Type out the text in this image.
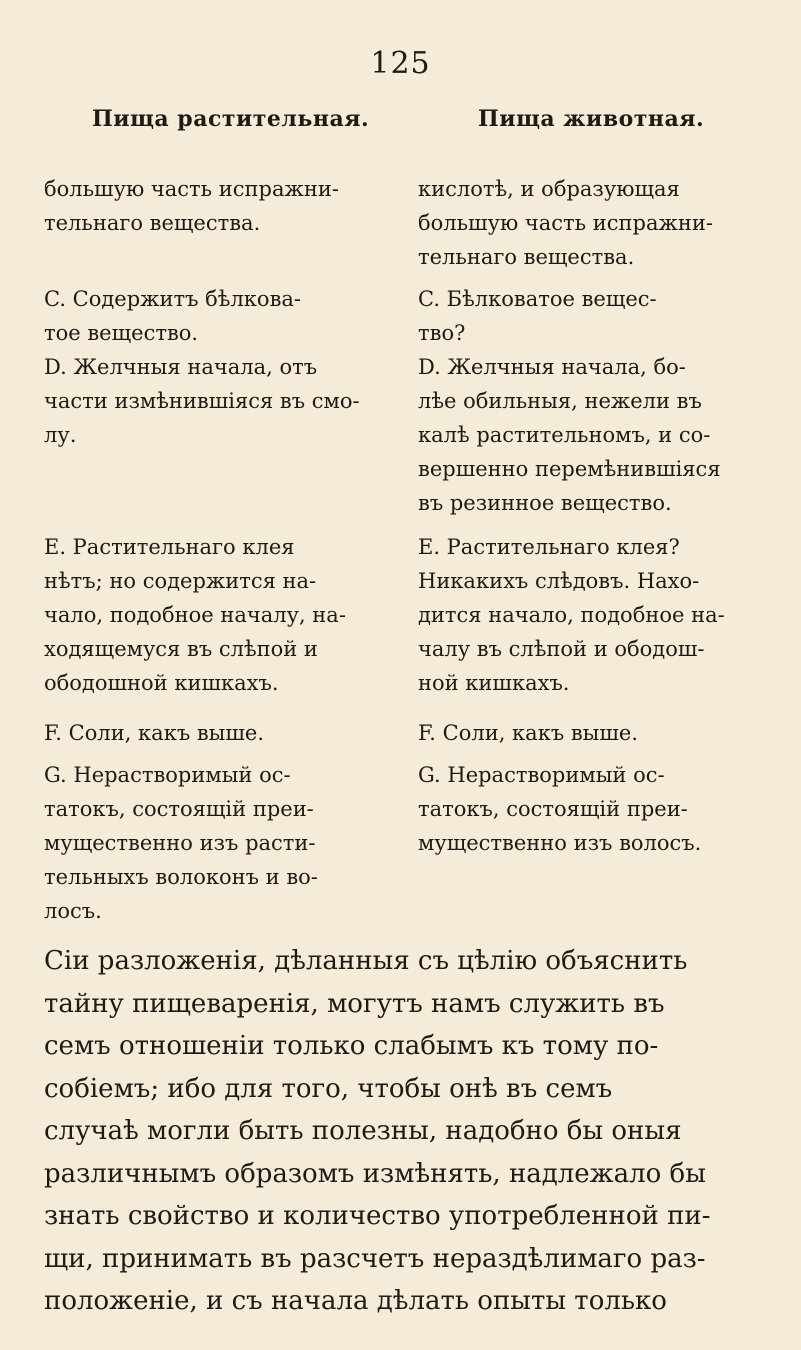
125
Пища растительная.	Пища животная.
большую часть испражни-
тельнаго вещества.
C. Содержитъ бѣлкова-
тое вещество.
D. Желчныя начала, отъ
части измѣнившіяся въ смо-
лу.
E. Растительнаго клея
нѣтъ; но содержится на-
чало, подобное началу, на-
ходящемуся въ слѣпой и
ободошной кишкахъ.
F. Соли, какъ выше.
G. Нерастворимый ос-
татокъ, состоящій преи-
мущественно изъ расти-
тельныхъ волоконъ и во-
лосъ.
кислотѣ, и образующая
большую часть испражни-
тельнаго вещества.
C. Бѣлковатое вещес-
тво?
D. Желчныя начала, бо-
лѣе обильныя, нежели въ
калѣ растительномъ, и со-
вершенно перемѣнившіяся
въ резинное вещество.
E. Растительнаго клея?
Никакихъ слѣдовъ. Нахо-
дится начало, подобное на-
чалу въ слѣпой и ободош-
ной кишкахъ.
F. Соли, какъ выше.
G. Нерастворимый ос-
татокъ, состоящій преи-
мущественно изъ волосъ.
Сіи разложенія, дѣланныя съ цѣлію объяснить
тайну пищеваренія, могутъ намъ служить въ
семъ отношеніи только слабымъ къ тому по-
собіемъ; ибо для того, чтобы онѣ въ семъ
случаѣ могли быть полезны, надобно бы оныя
различнымъ образомъ измѣнять, надлежало бы
знать свойство и количество употребленной пи-
щи, принимать въ разсчетъ нераздѣлимаго раз-
положеніе, и съ начала дѣлать опыты только
